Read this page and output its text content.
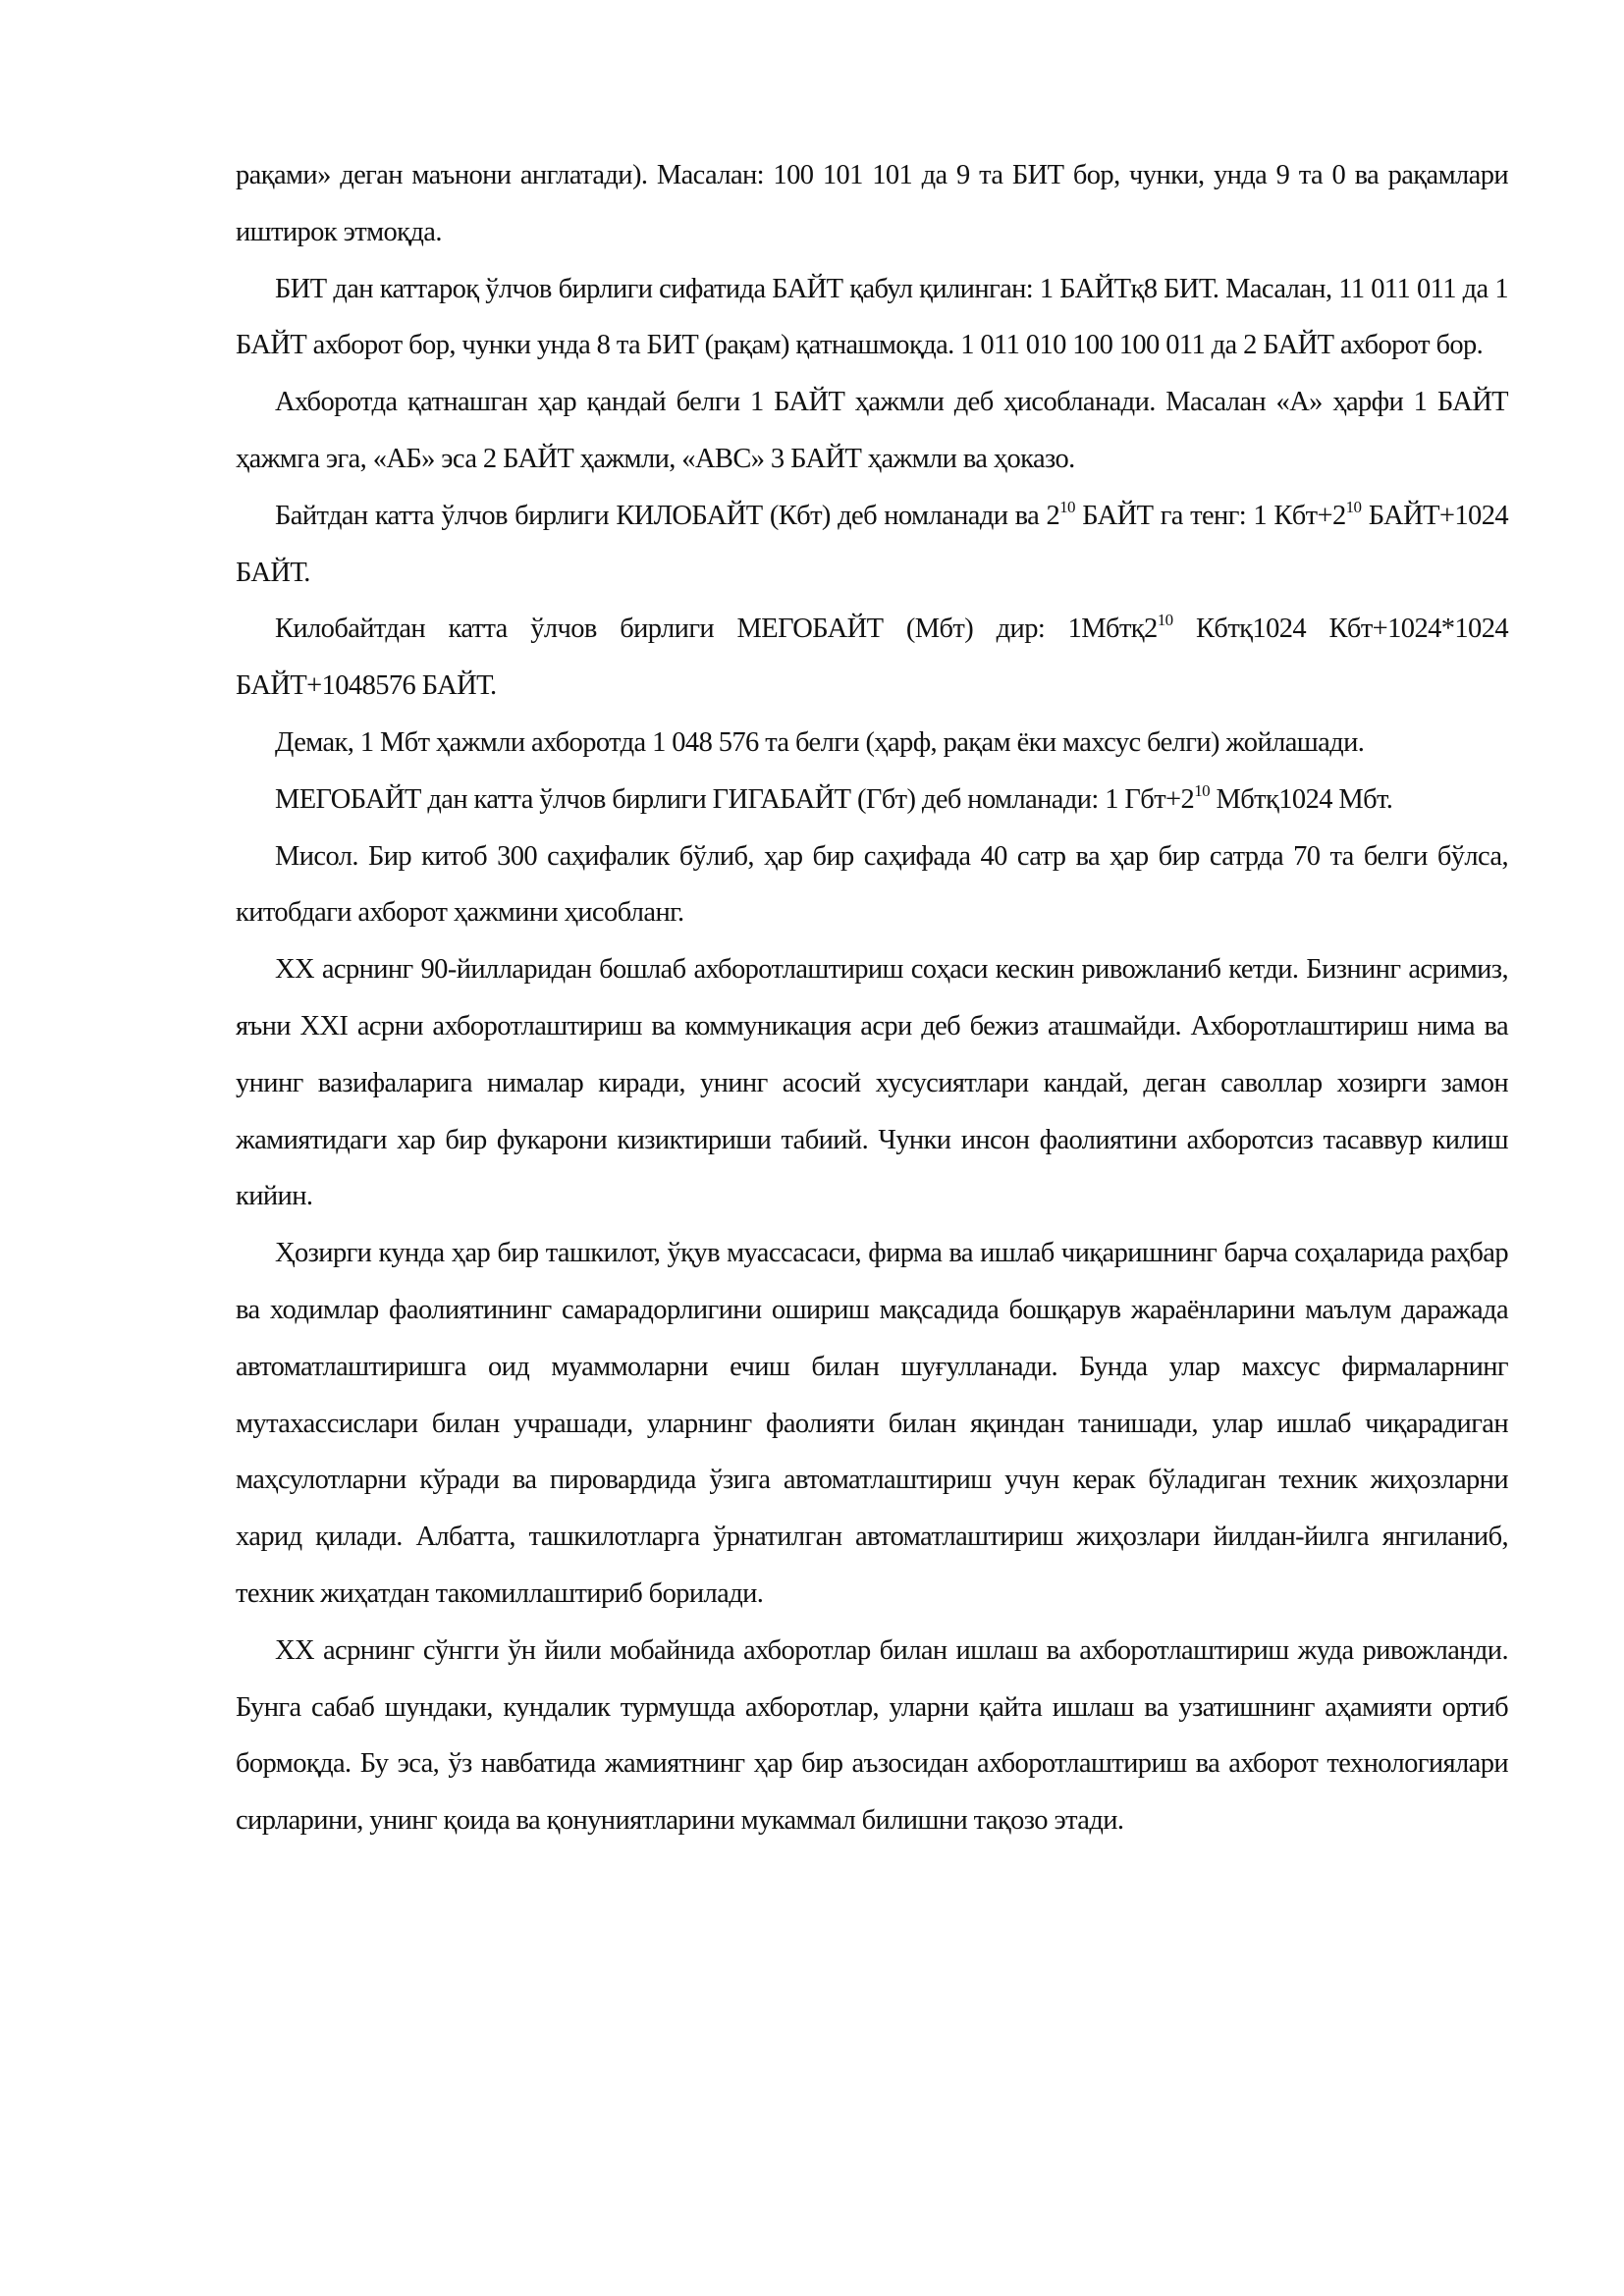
рақами» деган маънони англатади). Масалан: 100 101 101 да 9 та БИТ бор, чунки, унда 9 та 0 ва рақамлари иштирок этмоқда.

БИТ дан каттароқ ўлчов бирлиги сифатида БАЙТ қабул қилинган: 1 БАЙТқ8 БИТ. Масалан, 11 011 011 да 1 БАЙТ ахборот бор, чунки унда 8 та БИТ (рақам) қатнашмоқда. 1 011 010 100 100 011 да 2 БАЙТ ахборот бор.

Ахборотда қатнашган ҳар қандай белги 1 БАЙТ ҳажмли деб ҳисобланади. Масалан «А» ҳарфи 1 БАЙТ ҳажмга эга, «АБ» эса 2 БАЙТ ҳажмли, «АВС» 3 БАЙТ ҳажмли ва ҳоказо.

Байтдан катта ўлчов бирлиги КИЛОБАЙТ (Кбт) деб номланади ва $2^{10}$ БАЙТ га тенг: 1 $Кбт+2^{10}$ БАЙТ+1024 БАЙТ.

Килобайтдан катта ўлчов бирлиги МЕГОБАЙТ (Мбт) дир: $1Мбтқ2^{10}$ Кбтқ1024 Кбт+1024*1024 БАЙТ+1048576 БАЙТ.

Демак, 1 Мбт ҳажмли ахборотда 1 048 576 та белги (ҳарф, рақам ёки махсус белги) жойлашади.

МЕГОБАЙТ дан катта ўлчов бирлиги ГИГАБАЙТ (Гбт) деб номланади: 1 $Гбт+2^{10}$ Мбтқ1024 Мбт.

Мисол. Бир китоб 300 саҳифалик бўлиб, ҳар бир саҳифада 40 сатр ва ҳар бир сатрда 70 та белги бўлса, китобдаги ахборот ҳажмини ҳисобланг.

ХХ асрнинг 90-йилларидан бошлаб ахборотлаштириш соҳаси кескин ривожланиб кетди. Бизнинг асримиз, яъни XXI асрни ахборотлаштириш ва коммуникация асри деб бежиз аташмайди. Ахборотлаштириш нима ва унинг вазифаларига нималар киради, унинг асосий хусусиятлари кандай, деган саволлар хозирги замон жамиятидаги хар бир фукарони кизиктириши табиий. Чунки инсон фаолиятини ахборотсиз тасаввур килиш кийин.

Ҳозирги кунда ҳар бир ташкилот, ўқув муассасаси, фирма ва ишлаб чиқаришнинг барча соҳаларида раҳбар ва ходимлар фаолиятининг самарадорлигини ошириш мақсадида бошқарув жараёнларини маълум даражада автоматлаштиришга оид муаммоларни ечиш билан шуғулланади. Бунда улар махсус фирмаларнинг мутахассислари билан учрашади, уларнинг фаолияти билан яқиндан танишади, улар ишлаб чиқарадиган маҳсулотларни кўради ва пировардида ўзига автоматлаштириш учун керак бўладиган техник жиҳозларни харид қилади. Албатта, ташкилотларга ўрнатилган автоматлаштириш жиҳозлари йилдан-йилга янгиланиб, техник жиҳатдан такомиллаштириб борилади.

ХХ асрнинг сўнгги ўн йили мобайнида ахборотлар билан ишлаш ва ахборотлаштириш жуда ривожланди. Бунга сабаб шундаки, кундалик турмушда ахборотлар, уларни қайта ишлаш ва узатишнинг аҳамияти ортиб бормоқда. Бу эса, ўз навбатида жамиятнинг ҳар бир аъзосидан ахборотлаштириш ва ахборот технологиялари сирларини, унинг қоида ва қонуниятларини мукаммал билишни тақозо этади.
